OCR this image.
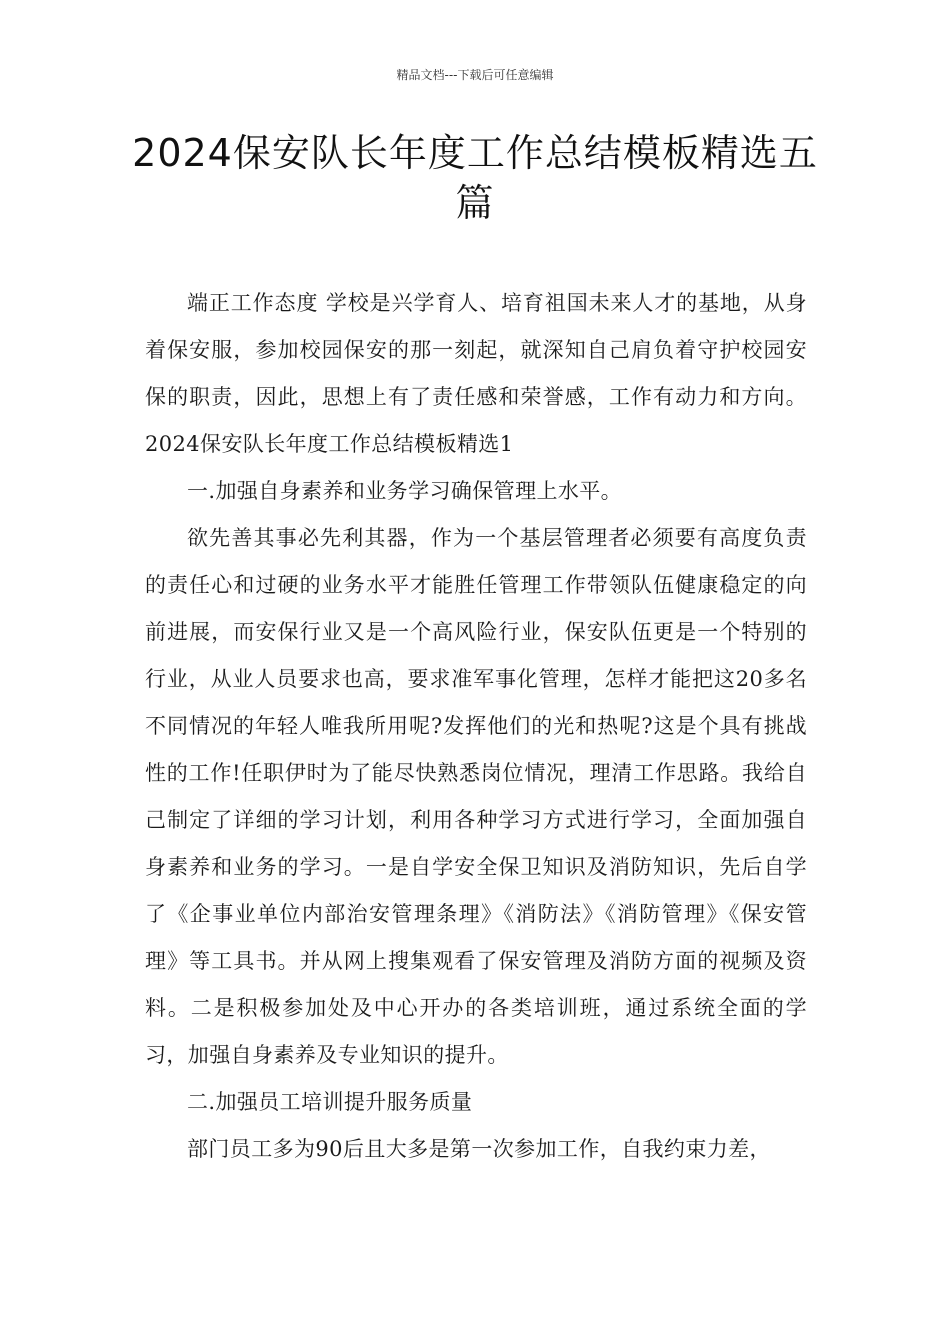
精品文档---下载后可任意编辑
2024保安队长年度工作总结模板精选五篇

端正工作态度 学校是兴学育人、培育祖国未来人才的基地，从身着保安服，参加校园保安的那一刻起，就深知自己肩负着守护校园安保的职责，因此，思想上有了责任感和荣誉感，工作有动力和方向。2024保安队长年度工作总结模板精选1

一.加强自身素养和业务学习确保管理上水平。

欲先善其事必先利其器，作为一个基层管理者必须要有高度负责的责任心和过硬的业务水平才能胜任管理工作带领队伍健康稳定的向前进展，而安保行业又是一个高风险行业，保安队伍更是一个特别的行业，从业人员要求也高，要求准军事化管理，怎样才能把这20多名不同情况的年轻人唯我所用呢?发挥他们的光和热呢?这是个具有挑战性的工作!任职伊时为了能尽快熟悉岗位情况，理清工作思路。我给自己制定了详细的学习计划，利用各种学习方式进行学习，全面加强自身素养和业务的学习。一是自学安全保卫知识及消防知识，先后自学了《企事业单位内部治安管理条理》《消防法》《消防管理》《保安管理》等工具书。并从网上搜集观看了保安管理及消防方面的视频及资料。二是积极参加处及中心开办的各类培训班，通过系统全面的学习，加强自身素养及专业知识的提升。

二.加强员工培训提升服务质量

部门员工多为90后且大多是第一次参加工作，自我约束力差，
